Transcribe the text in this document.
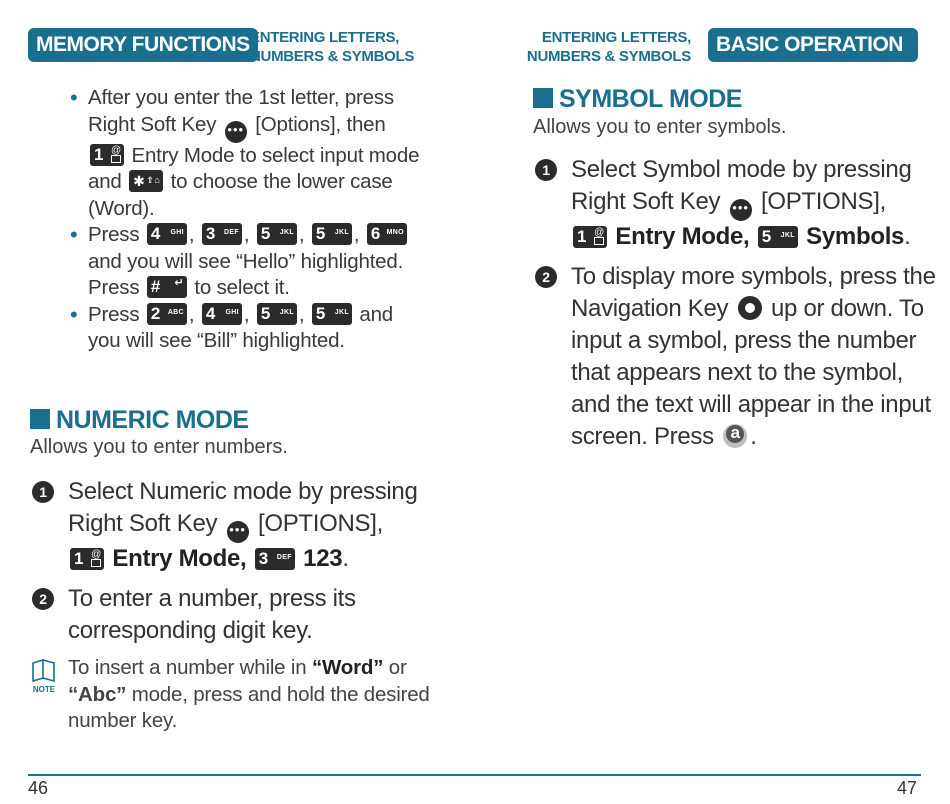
MEMORY FUNCTIONS ENTERING LETTERS,
NUMBERS & SYMBOLS
• After you enter the 1st letter, press Right Soft Key ••• [Options], then
1 @ Entry Mode to select input mode and ✱ ⇧⌂ to choose the lower case (Word).
• Press 4 GHI , 3 DEF , 5 JKL , 5 JKL , 6 MNO
and you will see “Hello” highlighted. Press # ↵ to select it.
• Press 2 ABC , 4 GHI , 5 JKL , 5 JKL and you will see “Bill” highlighted.
NUMERIC MODE
Allows you to enter numbers.
1 Select Numeric mode by pressing Right Soft Key ••• [OPTIONS],

1 @ Entry Mode, 3 DEF 123.
2 To enter a number, press its corresponding digit key.
NOTE
To insert a number while in “Word” or “Abc” mode, press and hold the desired number key.
46
ENTERING LETTERS,
NUMBERS & SYMBOLS
BASIC OPERATION
SYMBOL MODE
Allows you to enter symbols.
1 Select Symbol mode by pressing Right Soft Key ••• [OPTIONS],

1 @ Entry Mode, 5 JKL Symbols.
2 To display more symbols, press the Navigation Key up or down. To input a symbol, press the number that appears next to the symbol, and the text will appear in the input screen. Press a .
47
